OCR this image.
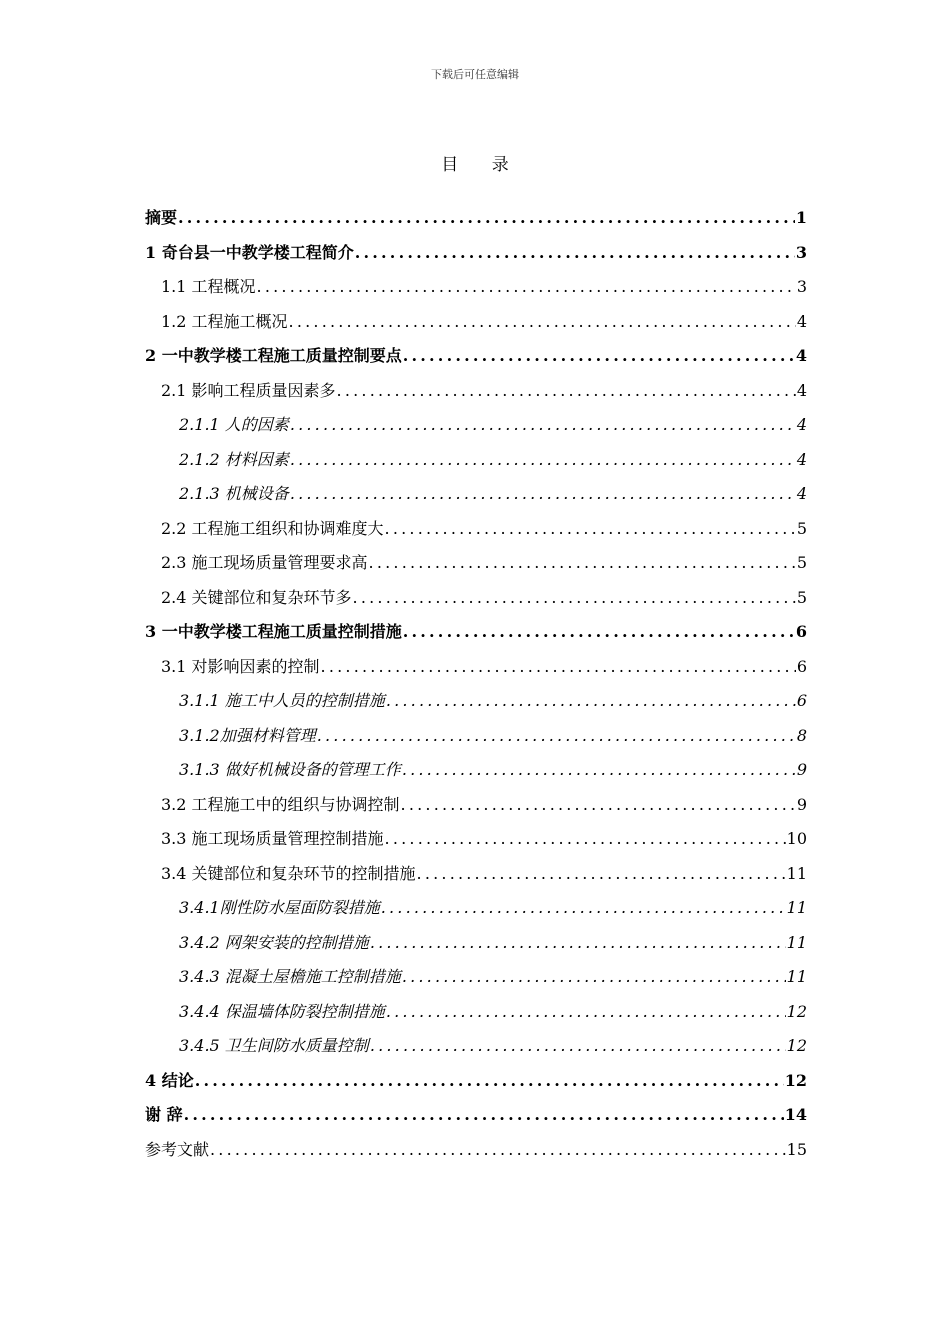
下载后可任意编辑
目 录
摘要 .....	1
1 奇台县一中教学楼工程简介 .....	3
1.1 工程概况 .....	3
1.2 工程施工概况 .....	4
2 一中教学楼工程施工质量控制要点 .....	4
2.1 影响工程质量因素多 .....	4
2.1.1 人的因素 .....	4
2.1.2 材料因素 .....	4
2.1.3 机械设备 .....	4
2.2 工程施工组织和协调难度大 .....	5
2.3 施工现场质量管理要求高 .....	5
2.4 关键部位和复杂环节多 .....	5
3 一中教学楼工程施工质量控制措施 .....	6
3.1 对影响因素的控制 .....	6
3.1.1 施工中人员的控制措施 .....	6
3.1.2加强材料管理 .....	8
3.1.3 做好机械设备的管理工作 .....	9
3.2 工程施工中的组织与协调控制 .....	9
3.3 施工现场质量管理控制措施 .....	10
3.4 关键部位和复杂环节的控制措施 .....	11
3.4.1刚性防水屋面防裂措施 .....	11
3.4.2 网架安装的控制措施 .....	11
3.4.3 混凝土屋檐施工控制措施 .....	11
3.4.4 保温墙体防裂控制措施 .....	12
3.4.5 卫生间防水质量控制 .....	12
4 结论 .....	12
谢 辞 .....	14
参考文献 .....	15
